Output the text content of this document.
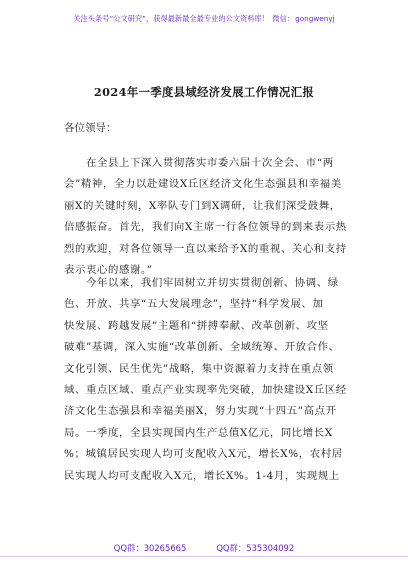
关注头条号“公文研究”，获得最新最全最专业的公文资料库！ 微信：gongwenyj
2024年一季度县域经济发展工作情况汇报
各位领导：
　　在全县上下深入贯彻落实市委六届十次全会、市“两
会”精神，全力以赴建设X丘区经济文化生态强县和幸福美
丽X的关键时刻，X率队专门到X调研，让我们深受鼓舞，
倍感振奋。首先，我们向X主席一行各位领导的到来表示热
烈的欢迎，对各位领导一直以来给予X的重视、关心和支持
表示衷心的感谢。”
　　今年以来，我们牢固树立并切实贯彻创新、协调、绿
色、开放、共享“五大发展理念”，坚持“科学发展、加
快发展、跨越发展”主题和“拼搏奉献、改革创新、攻坚
破难”基调，深入实施“改革创新、全域统筹、开放合作、
文化引领、民生优先”战略，集中资源着力支持在重点领
域、重点区域、重点产业实现率先突破，加快建设X丘区经
济文化生态强县和幸福美丽X，努力实现“十四五”高点开
局。一季度，全县实现国内生产总值X亿元，同比增长X
%；城镇居民实现人均可支配收入X元，增长X%，农村居
民实现人均可支配收入X元，增长X%。1-4月，实现规上
QQ群：30265665	QQ群：535304092
